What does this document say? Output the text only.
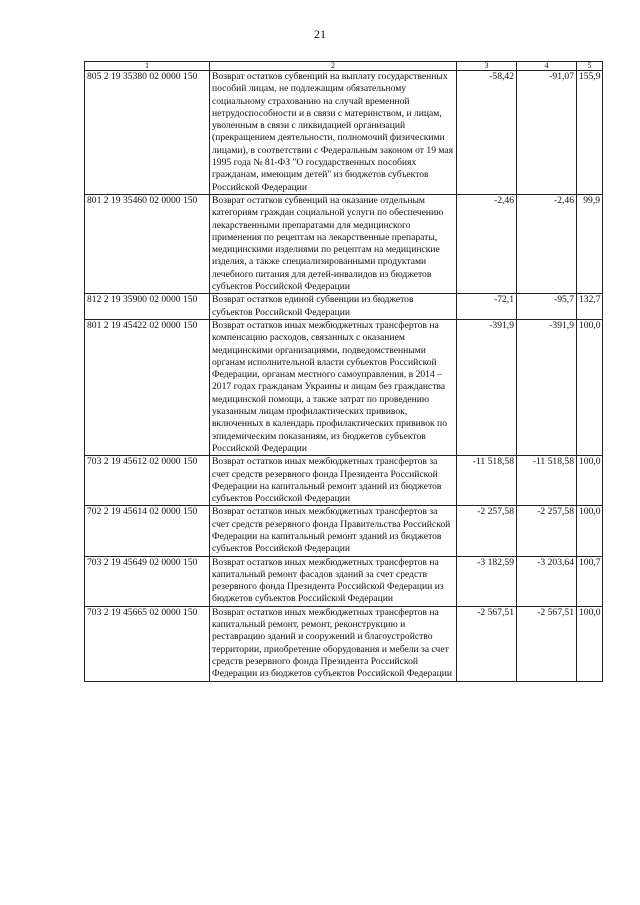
21
1	2	3	4	5
805 2 19 35380 02 0000 150	Возврат остатков субвенций на выплату государственных пособий лицам, не подлежащим обязательному социальному страхованию на случай временной нетрудоспособности и в связи с материнством, и лицам, уволенным в связи с ликвидацией организаций (прекращением деятельности, полномочий физическими лицами), в соответствии с Федеральным законом от 19 мая 1995 года № 81-ФЗ "О государственных пособиях гражданам, имеющим детей" из бюджетов субъектов Российской Федерации	-58,42	-91,07	155,9
801 2 19 35460 02 0000 150	Возврат остатков субвенций на оказание отдельным категориям граждан социальной услуги по обеспечению лекарственными препаратами для медицинского применения по рецептам на лекарственные препараты, медицинскими изделиями по рецептам на медицинские изделия, а также специализированными продуктами лечебного питания для детей-инвалидов из бюджетов субъектов Российской Федерации	-2,46	-2,46	99,9
812 2 19 35900 02 0000 150	Возврат остатков единой субвенции из бюджетов субъектов Российской Федерации	-72,1	-95,7	132,7
801 2 19 45422 02 0000 150	Возврат остатков иных межбюджетных трансфертов на компенсацию расходов, связанных с оказанием медицинскими организациями, подведомственными органам исполнительной власти субъектов Российской Федерации, органам местного самоуправления, в 2014 – 2017 годах гражданам Украины и лицам без гражданства медицинской помощи, а также затрат по проведению указанным лицам профилактических прививок, включенных в календарь профилактических прививок по эпидемическим показаниям, из бюджетов субъектов Российской Федерации	-391,9	-391,9	100,0
703 2 19 45612 02 0000 150	Возврат остатков иных межбюджетных трансфертов за счет средств резервного фонда Президента Российской Федерации на капитальный ремонт зданий из бюджетов субъектов Российской Федерации	-11 518,58	-11 518,58	100,0
702 2 19 45614 02 0000 150	Возврат остатков иных межбюджетных трансфертов за счет средств резервного фонда Правительства Российской Федерации на капитальный ремонт зданий из бюджетов субъектов Российской Федерации	-2 257,58	-2 257,58	100,0
703 2 19 45649 02 0000 150	Возврат остатков иных межбюджетных трансфертов на капитальный ремонт фасадов зданий за счет средств резервного фонда Президента Российской Федерации из бюджетов субъектов Российской Федерации	-3 182,59	-3 203,64	100,7
703 2 19 45665 02 0000 150	Возврат остатков иных межбюджетных трансфертов на капитальный ремонт, ремонт, реконструкцию и реставрацию зданий и сооружений и благоустройство территории, приобретение оборудования и мебели за счет средств резервного фонда Президента Российской Федерации из бюджетов субъектов Российской Федерации	-2 567,51	-2 567,51	100,0
